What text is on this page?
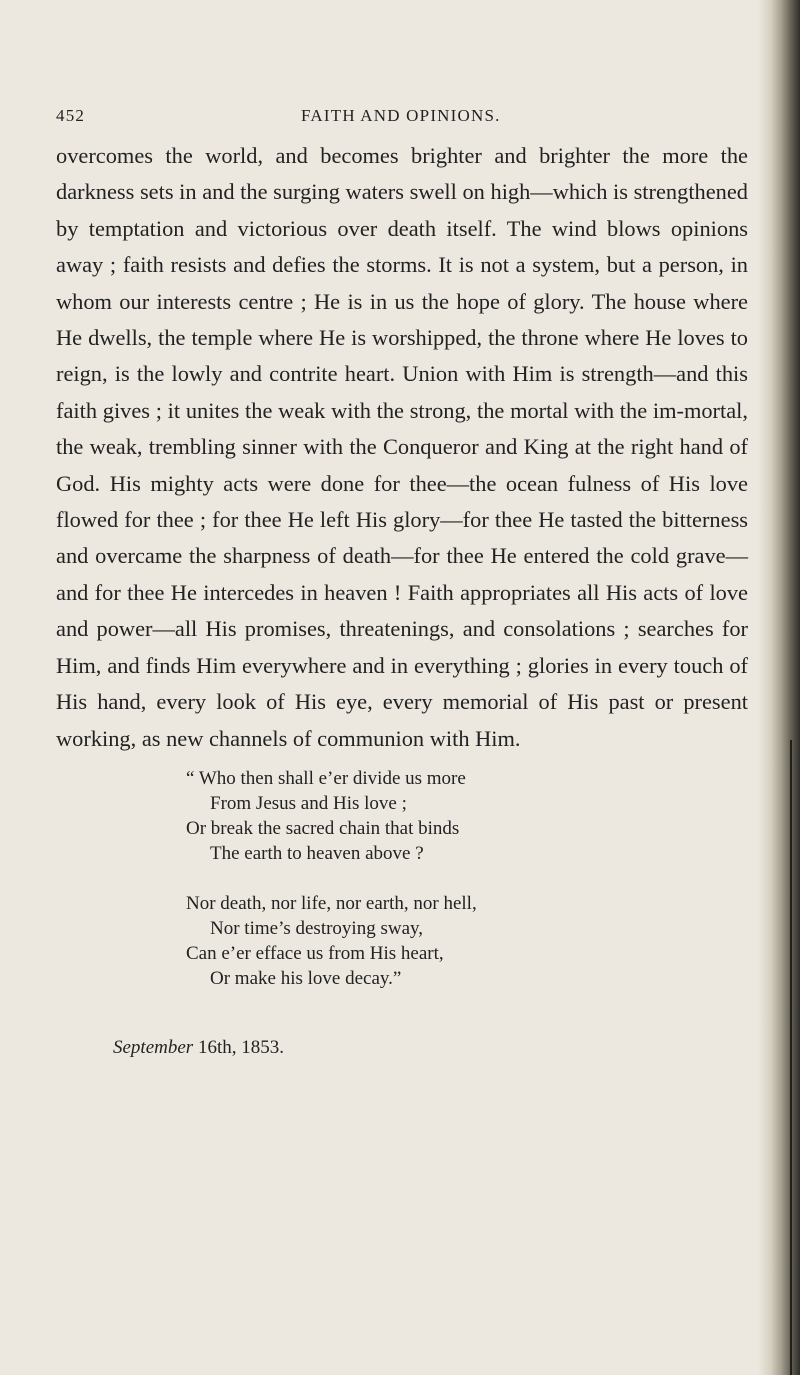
452	FAITH AND OPINIONS.

overcomes the world, and becomes brighter and brighter the more the darkness sets in and the surging waters swell on high—which is strengthened by temptation and victorious over death itself. The wind blows opinions away ; faith resists and defies the storms. It is not a system, but a person, in whom our interests centre ; He is in us the hope of glory. The house where He dwells, the temple where He is worshipped, the throne where He loves to reign, is the lowly and contrite heart. Union with Him is strength—and this faith gives ; it unites the weak with the strong, the mortal with the im-mortal, the weak, trembling sinner with the Conqueror and King at the right hand of God. His mighty acts were done for thee—the ocean fulness of His love flowed for thee ; for thee He left His glory—for thee He tasted the bitterness and overcame the sharpness of death—for thee He entered the cold grave—and for thee He intercedes in heaven ! Faith appropriates all His acts of love and power—all His promises, threatenings, and consolations ; searches for Him, and finds Him everywhere and in everything ; glories in every touch of His hand, every look of His eye, every memorial of His past or present working, as new channels of communion with Him.

“ Who then shall e’er divide us more
From Jesus and His love ;
Or break the sacred chain that binds
The earth to heaven above ?
Nor death, nor life, nor earth, nor hell,
Nor time’s destroying sway,
Can e’er efface us from His heart,
Or make his love decay.”
September 16th, 1853.
